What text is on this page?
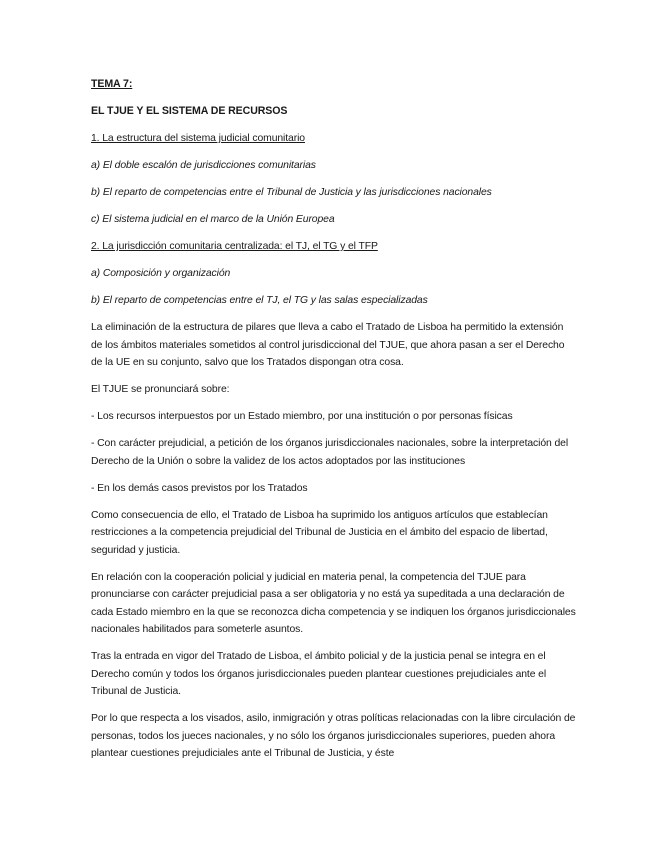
TEMA 7:

EL TJUE Y EL SISTEMA DE RECURSOS

1. La estructura del sistema judicial comunitario

a) El doble escalón de jurisdicciones comunitarias

b) El reparto de competencias entre el Tribunal de Justicia y las jurisdicciones nacionales

c) El sistema judicial en el marco de la Unión Europea

2. La jurisdicción comunitaria centralizada: el TJ, el TG y el TFP

a) Composición y organización

b) El reparto de competencias entre el TJ, el TG y las salas especializadas

La eliminación de la estructura de pilares que lleva a cabo el Tratado de Lisboa ha permitido la extensión de los ámbitos materiales sometidos al control jurisdiccional del TJUE, que ahora pasan a ser el Derecho de la UE en su conjunto, salvo que los Tratados dispongan otra cosa.

El TJUE se pronunciará sobre:

- Los recursos interpuestos por un Estado miembro, por una institución o por personas físicas

- Con carácter prejudicial, a petición de los órganos jurisdiccionales nacionales, sobre la interpretación del Derecho de la Unión o sobre la validez de los actos adoptados por las instituciones

- En los demás casos previstos por los Tratados

Como consecuencia de ello, el Tratado de Lisboa ha suprimido los antiguos artículos que establecían restricciones a la competencia prejudicial del Tribunal de Justicia en el ámbito del espacio de libertad, seguridad y justicia.

En relación con la cooperación policial y judicial en materia penal, la competencia del TJUE para pronunciarse con carácter prejudicial pasa a ser obligatoria y no está ya supeditada a una declaración de cada Estado miembro en la que se reconozca dicha competencia y se indiquen los órganos jurisdiccionales nacionales habilitados para someterle asuntos.

Tras la entrada en vigor del Tratado de Lisboa, el ámbito policial y de la justicia penal se integra en el Derecho común y todos los órganos jurisdiccionales pueden plantear cuestiones prejudiciales ante el Tribunal de Justicia.

Por lo que respecta a los visados, asilo, inmigración y otras políticas relacionadas con la libre circulación de personas, todos los jueces nacionales, y no sólo los órganos jurisdiccionales superiores, pueden ahora plantear cuestiones prejudiciales ante el Tribunal de Justicia, y éste
